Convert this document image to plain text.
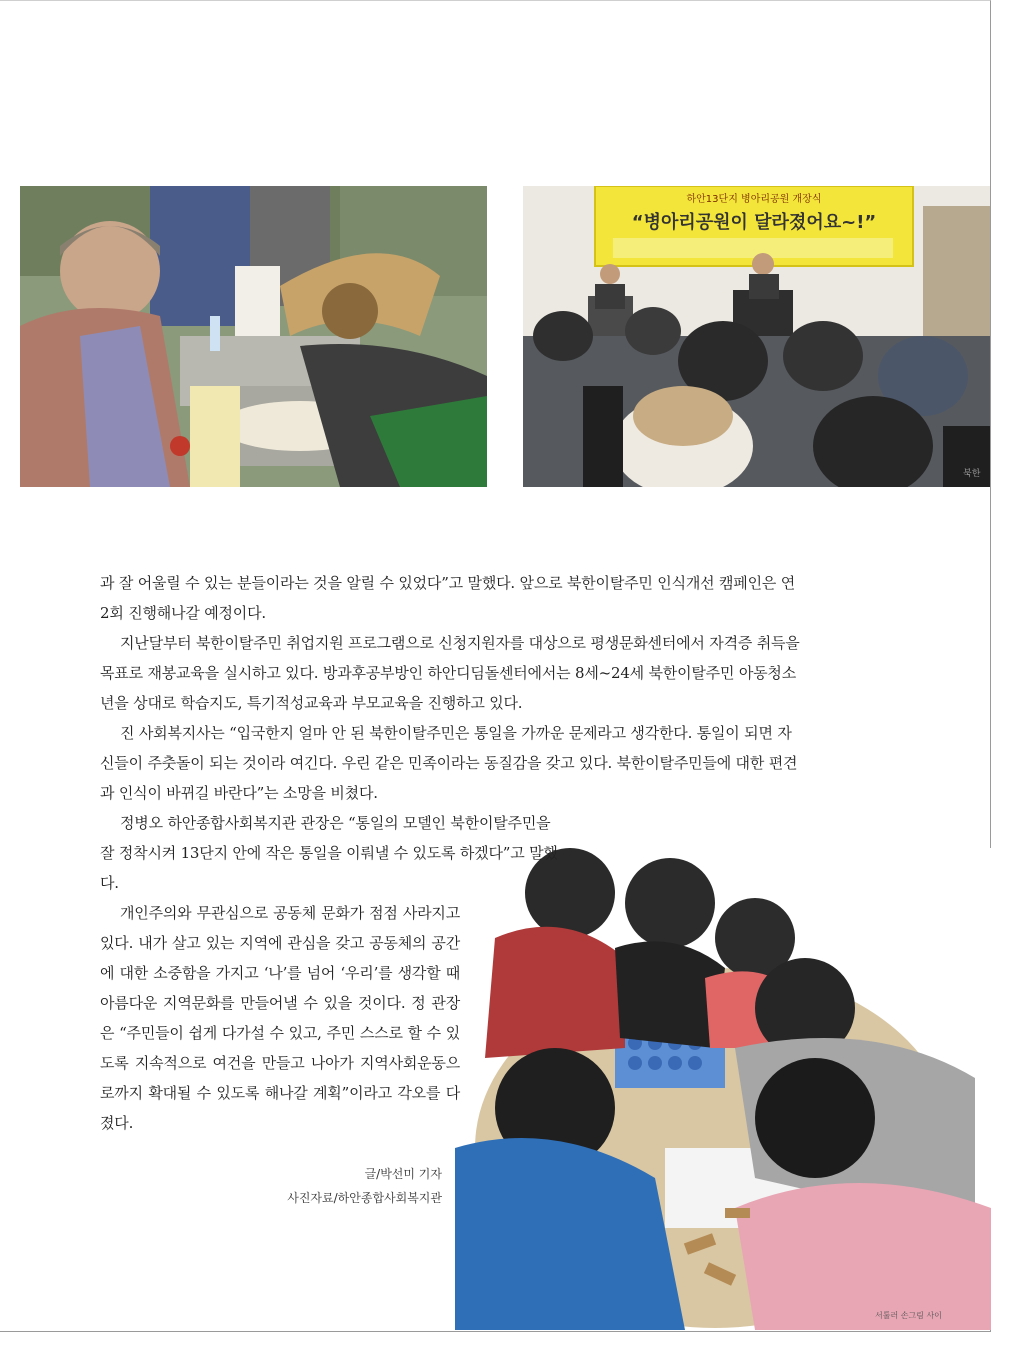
하안13단지 병아리공원 개장식
“병아리공원이 달라졌어요~!”
북한
서툴러 손그림 사이

과 잘 어울릴 수 있는 분들이라는 것을 알릴 수 있었다”고 말했다. 앞으로 북한이탈주민 인식개선 캠페인은 연 2회 진행해나갈 예정이다.

지난달부터 북한이탈주민 취업지원 프로그램으로 신청지원자를 대상으로 평생문화센터에서 자격증 취득을 목표로 재봉교육을 실시하고 있다. 방과후공부방인 하안디딤돌센터에서는 8세~24세 북한이탈주민 아동청소년을 상대로 학습지도, 특기적성교육과 부모교육을 진행하고 있다.

진 사회복지사는 “입국한지 얼마 안 된 북한이탈주민은 통일을 가까운 문제라고 생각한다. 통일이 되면 자신들이 주춧돌이 되는 것이라 여긴다. 우린 같은 민족이라는 동질감을 갖고 있다. 북한이탈주민들에 대한 편견과 인식이 바뀌길 바란다”는 소망을 비쳤다.

정병오 하안종합사회복지관 관장은 “통일의 모델인 북한이탈주민을 잘 정착시켜 13단지 안에 작은 통일을 이뤄낼 수 있도록 하겠다”고 말했다.

개인주의와 무관심으로 공동체 문화가 점점 사라지고 있다. 내가 살고 있는 지역에 관심을 갖고 공동체의 공간에 대한 소중함을 가지고 ‘나’를 넘어 ‘우리’를 생각할 때 아름다운 지역문화를 만들어낼 수 있을 것이다. 정 관장은 “주민들이 쉽게 다가설 수 있고, 주민 스스로 할 수 있도록 지속적으로 여건을 만들고 나아가 지역사회운동으로까지 확대될 수 있도록 해나갈 계획”이라고 각오를 다졌다.

글/박선미 기자
사진자료/하안종합사회복지관
